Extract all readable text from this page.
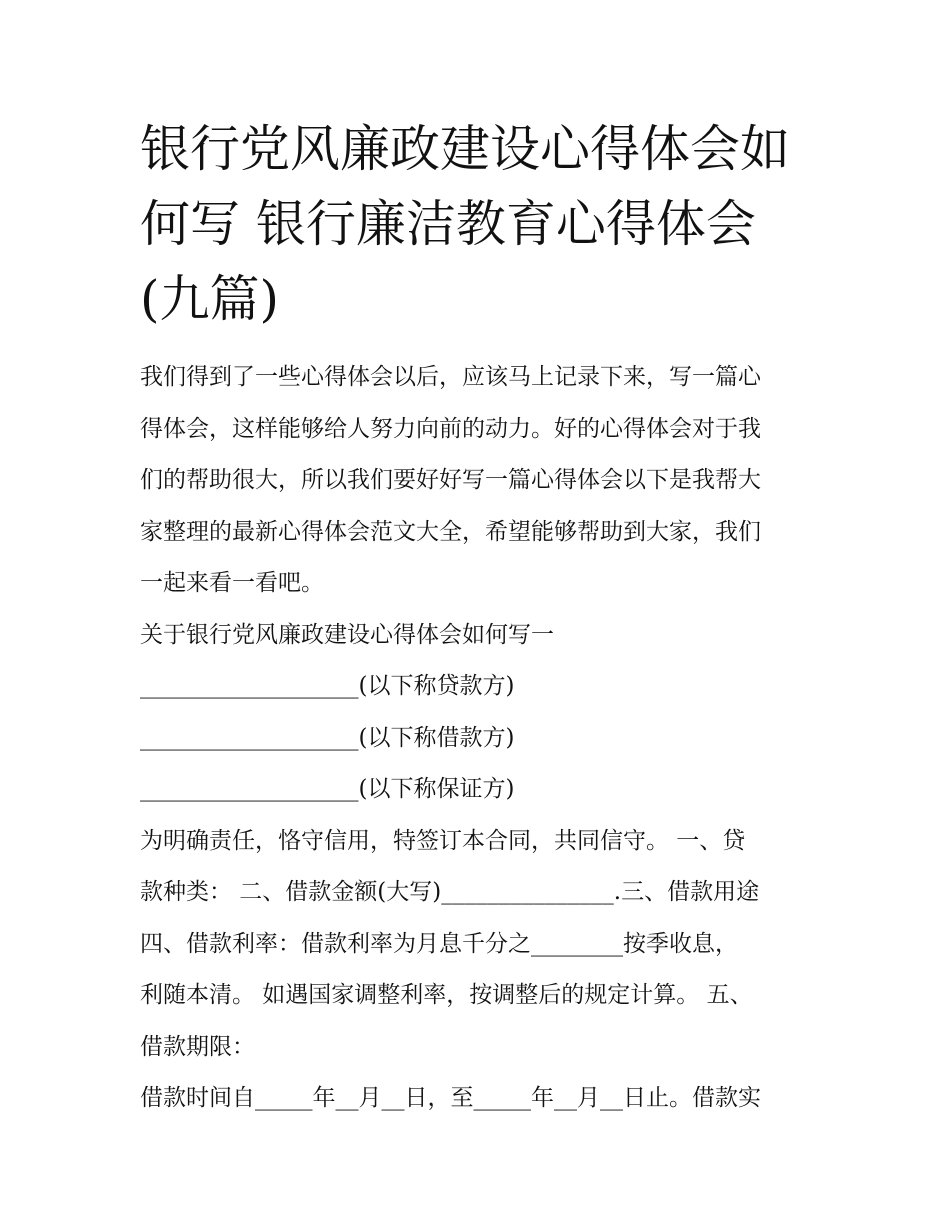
银行党风廉政建设心得体会如
何写 银行廉洁教育心得体会
(九篇)
我们得到了一些心得体会以后，应该马上记录下来，写一篇心
得体会，这样能够给人努力向前的动力。好的心得体会对于我
们的帮助很大，所以我们要好好写一篇心得体会以下是我帮大
家整理的最新心得体会范文大全，希望能够帮助到大家，我们
一起来看一看吧。
关于银行党风廉政建设心得体会如何写一
___________________(以下称贷款方)
___________________(以下称借款方)
___________________(以下称保证方)
为明确责任，恪守信用，特签订本合同，共同信守。 一、贷
款种类： 二、借款金额(大写)_______________.三、借款用途
四、借款利率：借款利率为月息千分之________按季收息，
利随本清。 如遇国家调整利率，按调整后的规定计算。 五、
借款期限：
借款时间自_____年__月__日，至_____年__月__日止。借款实
